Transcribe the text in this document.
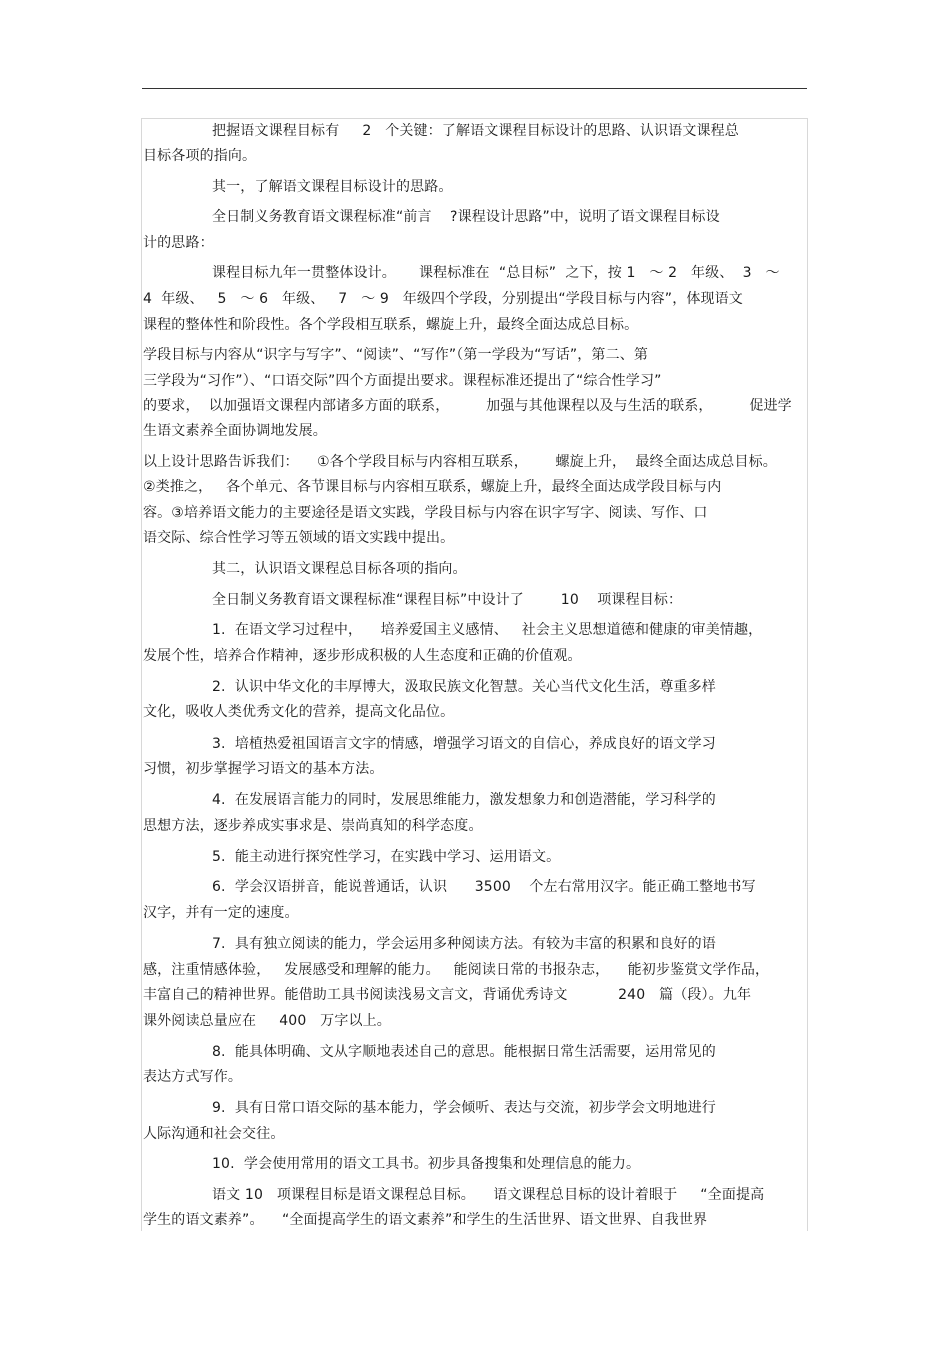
把握语文课程目标有     2   个关键：了解语文课程目标设计的思路、认识语文课程总
目标各项的指向。
其一，了解语文课程目标设计的思路。
全日制义务教育语文课程标准“前言    ?课程设计思路”中，说明了语文课程目标设
计的思路：
课程目标九年一贯整体设计。     课程标准在  “总目标”  之下，按 1   ～ 2   年级、  3   ～
4  年级、   5   ～ 6   年级、   7   ～ 9   年级四个学段，分别提出“学段目标与内容”，体现语文
课程的整体性和阶段性。各个学段相互联系，螺旋上升，最终全面达成总目标。
学段目标与内容从“识字与写字”、“阅读”、“写作”（第一学段为“写话”，第二、第
三学段为“习作”）、“口语交际”四个方面提出要求。课程标准还提出了“综合性学习”
的要求，  以加强语文课程内部诸多方面的联系，        加强与其他课程以及与生活的联系，        促进学
生语文素养全面协调地发展。
以上设计思路告诉我们：    ①各个学段目标与内容相互联系，      螺旋上升，  最终全面达成总目标。
②类推之，   各个单元、各节课目标与内容相互联系，螺旋上升，最终全面达成学段目标与内
容。③培养语文能力的主要途径是语文实践，学段目标与内容在识字写字、阅读、写作、口
语交际、综合性学习等五领域的语文实践中提出。
其二，认识语文课程总目标各项的指向。
全日制义务教育语文课程标准“课程目标”中设计了        10    项课程目标：
1.  在语文学习过程中，    培养爱国主义感情、   社会主义思想道德和健康的审美情趣，
发展个性，培养合作精神，逐步形成积极的人生态度和正确的价值观。
2.  认识中华文化的丰厚博大，汲取民族文化智慧。关心当代文化生活，尊重多样
文化，吸收人类优秀文化的营养，提高文化品位。
3.  培植热爱祖国语言文字的情感，增强学习语文的自信心，养成良好的语文学习
习惯，初步掌握学习语文的基本方法。
4.  在发展语言能力的同时，发展思维能力，激发想象力和创造潜能，学习科学的
思想方法，逐步养成实事求是、崇尚真知的科学态度。
5.  能主动进行探究性学习，在实践中学习、运用语文。
6.  学会汉语拼音，能说普通话，认识      3500    个左右常用汉字。能正确工整地书写
汉字，并有一定的速度。
7.  具有独立阅读的能力，学会运用多种阅读方法。有较为丰富的积累和良好的语
感，注重情感体验，   发展感受和理解的能力。   能阅读日常的书报杂志，    能初步鉴赏文学作品，
丰富自己的精神世界。能借助工具书阅读浅易文言文，背诵优秀诗文           240   篇（段）。九年
课外阅读总量应在     400   万字以上。
8.  能具体明确、文从字顺地表述自己的意思。能根据日常生活需要，运用常见的
表达方式写作。
9.  具有日常口语交际的基本能力，学会倾听、表达与交流，初步学会文明地进行
人际沟通和社会交往。
10.  学会使用常用的语文工具书。初步具备搜集和处理信息的能力。
语文 10   项课程目标是语文课程总目标。    语文课程总目标的设计着眼于     “全面提高
学生的语文素养”。    “全面提高学生的语文素养”和学生的生活世界、语文世界、自我世界
